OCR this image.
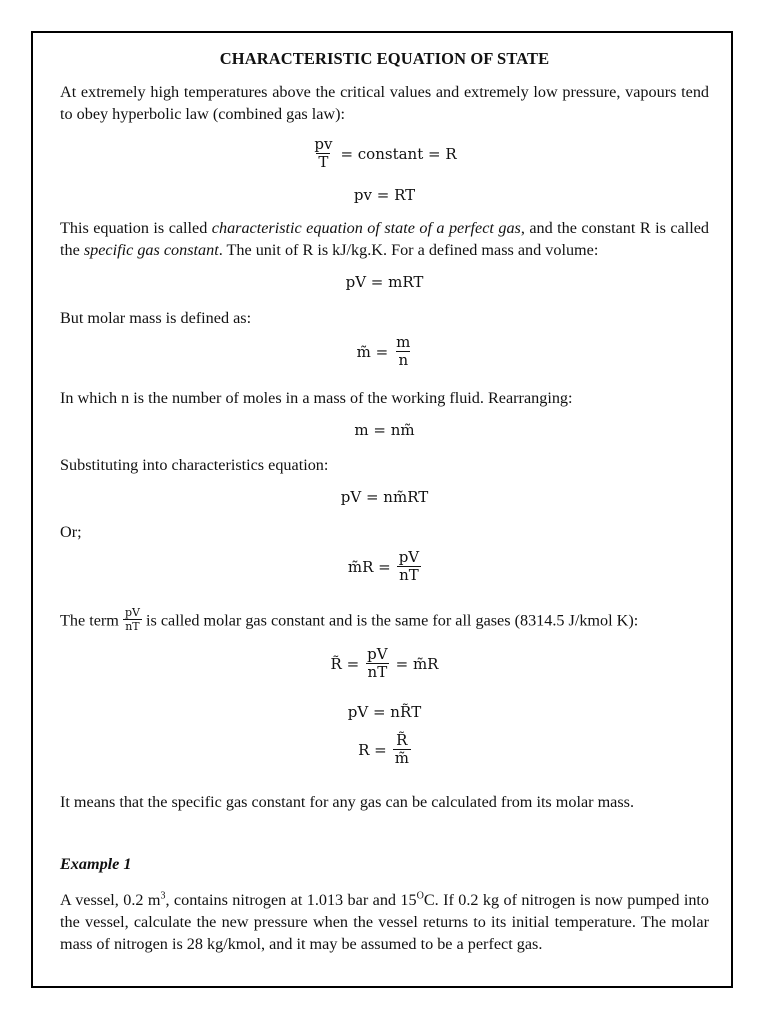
CHARACTERISTIC EQUATION OF STATE
At extremely high temperatures above the critical values and extremely low pressure, vapours tend to obey hyperbolic law (combined gas law):
$\frac{pv}{T}$ = constant = R
pv = RT
This equation is called characteristic equation of state of a perfect gas, and the constant R is called the specific gas constant. The unit of R is kJ/kg.K. For a defined mass and volume:
pV = mRT
But molar mass is defined as:
m̃ = $\frac{m}{n}$
In which n is the number of moles in a mass of the working fluid. Rearranging:
m = nm̃
Substituting into characteristics equation:
pV = nm̃RT
Or;
m̃R = $\frac{pV}{nT}$
The term $\frac{pV}{nT}$ is called molar gas constant and is the same for all gases (8314.5 J/kmol K):
R̃ = $\frac{pV}{nT}$ = m̃R
pV = nR̃T
$R = \frac{R̃}{m̃}$
It means that the specific gas constant for any gas can be calculated from its molar mass.
Example 1
A vessel, 0.2 $m^3$, contains nitrogen at 1.013 bar and $15^OC$. If 0.2 kg of nitrogen is now pumped into the vessel, calculate the new pressure when the vessel returns to its initial temperature. The molar mass of nitrogen is 28 kg/kmol, and it may be assumed to be a perfect gas.
